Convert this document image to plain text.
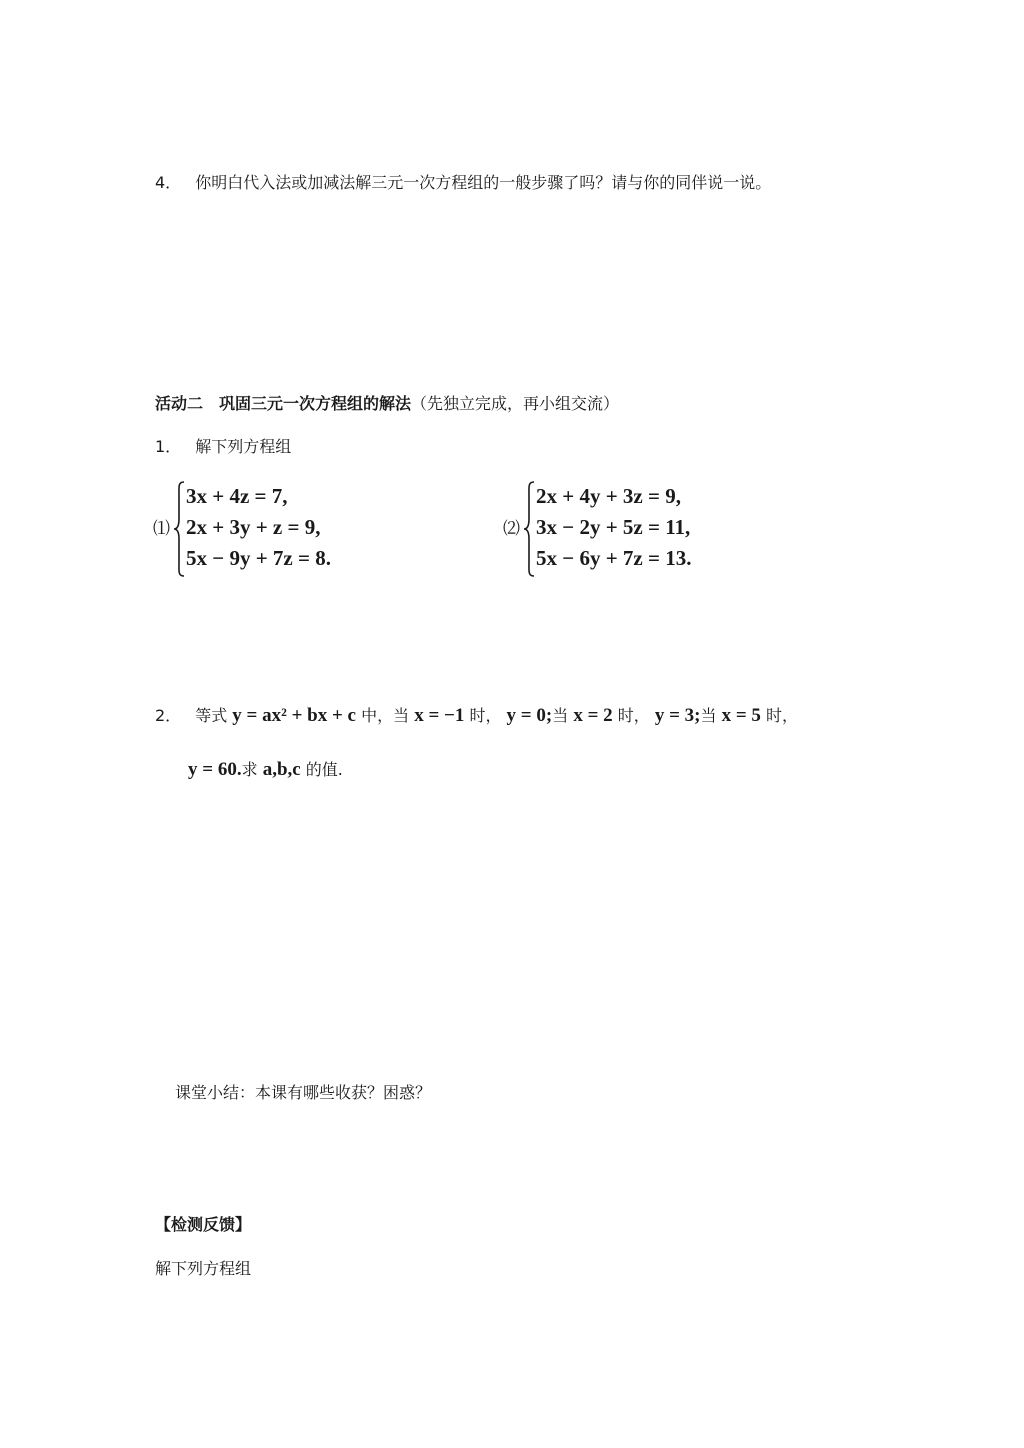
4． 你明白代入法或加减法解三元一次方程组的一般步骤了吗？请与你的同伴说一说。
活动二　巩固三元一次方程组的解法（先独立完成，再小组交流）
1． 解下列方程组
⑴
3x + 4z = 7,
2x + 3y + z = 9,
5x − 9y + 7z = 8.
⑵
2x + 4y + 3z = 9,
3x − 2y + 5z = 11,
5x − 6y + 7z = 13.
2． 等式 y = ax² + bx + c 中，当 x = −1 时， y = 0;当 x = 2 时， y = 3;当 x = 5 时，
y = 60.求 a,b,c 的值.
课堂小结：本课有哪些收获？困惑？
【检测反馈】
解下列方程组
